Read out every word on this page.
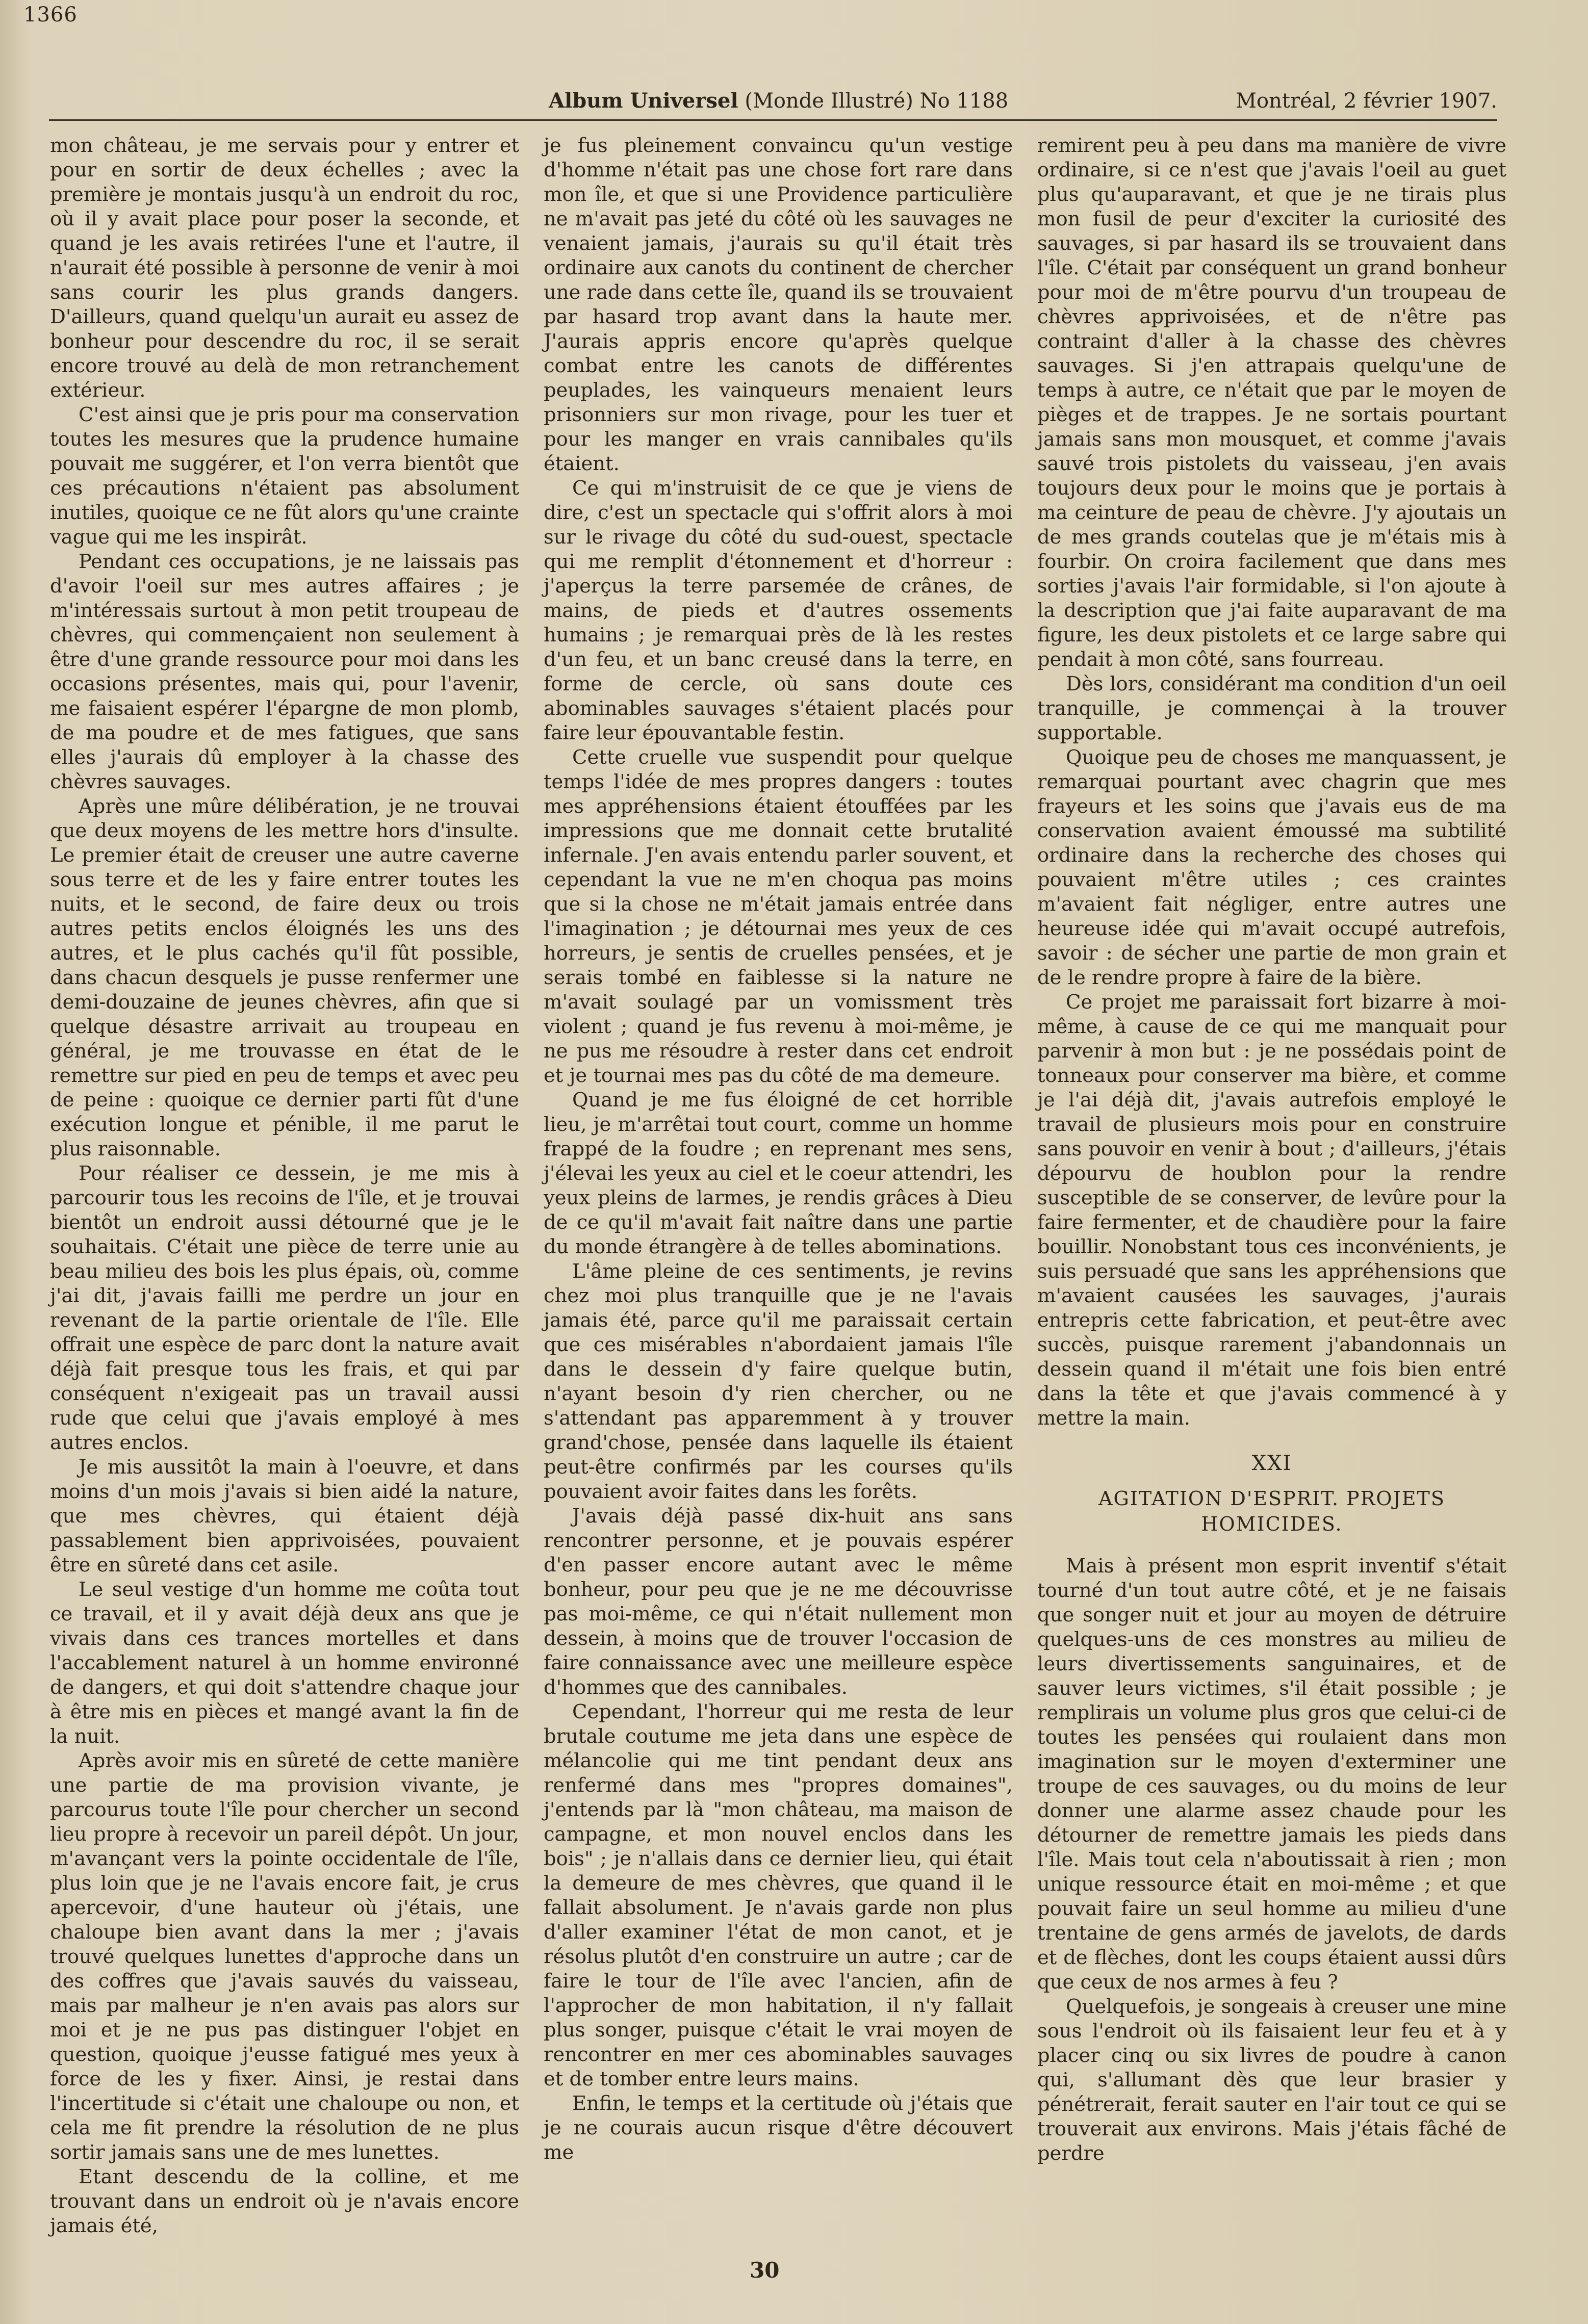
1366
Album Universel (Monde Illustré) No 1188	Montréal, 2 février 1907.

mon château, je me servais pour y entrer et pour en sortir de deux échelles ; avec la première je montais jusqu'à un endroit du roc, où il y avait place pour poser la seconde, et quand je les avais retirées l'une et l'autre, il n'aurait été possible à personne de venir à moi sans courir les plus grands dangers. D'ailleurs, quand quelqu'un aurait eu assez de bonheur pour descendre du roc, il se serait encore trouvé au delà de mon retranchement extérieur.

C'est ainsi que je pris pour ma conservation toutes les mesures que la prudence humaine pouvait me suggérer, et l'on verra bientôt que ces précautions n'étaient pas absolument inutiles, quoique ce ne fût alors qu'une crainte vague qui me les inspirât.

Pendant ces occupations, je ne laissais pas d'avoir l'oeil sur mes autres affaires ; je m'intéressais surtout à mon petit troupeau de chèvres, qui commençaient non seulement à être d'une grande ressource pour moi dans les occasions présentes, mais qui, pour l'avenir, me faisaient espérer l'épargne de mon plomb, de ma poudre et de mes fatigues, que sans elles j'aurais dû employer à la chasse des chèvres sauvages.

Après une mûre délibération, je ne trouvai que deux moyens de les mettre hors d'insulte. Le premier était de creuser une autre caverne sous terre et de les y faire entrer toutes les nuits, et le second, de faire deux ou trois autres petits enclos éloignés les uns des autres, et le plus cachés qu'il fût possible, dans chacun desquels je pusse renfermer une demi-douzaine de jeunes chèvres, afin que si quelque désastre arrivait au troupeau en général, je me trouvasse en état de le remettre sur pied en peu de temps et avec peu de peine : quoique ce dernier parti fût d'une exécution longue et pénible, il me parut le plus raisonnable.

Pour réaliser ce dessein, je me mis à parcourir tous les recoins de l'île, et je trouvai bientôt un endroit aussi détourné que je le souhaitais. C'était une pièce de terre unie au beau milieu des bois les plus épais, où, comme j'ai dit, j'avais failli me perdre un jour en revenant de la partie orientale de l'île. Elle offrait une espèce de parc dont la nature avait déjà fait presque tous les frais, et qui par conséquent n'exigeait pas un travail aussi rude que celui que j'avais employé à mes autres enclos.

Je mis aussitôt la main à l'oeuvre, et dans moins d'un mois j'avais si bien aidé la nature, que mes chèvres, qui étaient déjà passablement bien apprivoisées, pouvaient être en sûreté dans cet asile.

Le seul vestige d'un homme me coûta tout ce travail, et il y avait déjà deux ans que je vivais dans ces trances mortelles et dans l'accablement naturel à un homme environné de dangers, et qui doit s'attendre chaque jour à être mis en pièces et mangé avant la fin de la nuit.

Après avoir mis en sûreté de cette manière une partie de ma provision vivante, je parcourus toute l'île pour chercher un second lieu propre à recevoir un pareil dépôt. Un jour, m'avançant vers la pointe occidentale de l'île, plus loin que je ne l'avais encore fait, je crus apercevoir, d'une hauteur où j'étais, une chaloupe bien avant dans la mer ; j'avais trouvé quelques lunettes d'approche dans un des coffres que j'avais sauvés du vaisseau, mais par malheur je n'en avais pas alors sur moi et je ne pus pas distinguer l'objet en question, quoique j'eusse fatigué mes yeux à force de les y fixer. Ainsi, je restai dans l'incertitude si c'était une chaloupe ou non, et cela me fit prendre la résolution de ne plus sortir jamais sans une de mes lunettes.

Etant descendu de la colline, et me trouvant dans un endroit où je n'avais encore jamais été,

je fus pleinement convaincu qu'un vestige d'homme n'était pas une chose fort rare dans mon île, et que si une Providence particulière ne m'avait pas jeté du côté où les sauvages ne venaient jamais, j'aurais su qu'il était très ordinaire aux canots du continent de chercher une rade dans cette île, quand ils se trouvaient par hasard trop avant dans la haute mer. J'aurais appris encore qu'après quelque combat entre les canots de différentes peuplades, les vainqueurs menaient leurs prisonniers sur mon rivage, pour les tuer et pour les manger en vrais cannibales qu'ils étaient.

Ce qui m'instruisit de ce que je viens de dire, c'est un spectacle qui s'offrit alors à moi sur le rivage du côté du sud-ouest, spectacle qui me remplit d'étonnement et d'horreur : j'aperçus la terre parsemée de crânes, de mains, de pieds et d'autres ossements humains ; je remarquai près de là les restes d'un feu, et un banc creusé dans la terre, en forme de cercle, où sans doute ces abominables sauvages s'étaient placés pour faire leur épouvantable festin.

Cette cruelle vue suspendit pour quelque temps l'idée de mes propres dangers : toutes mes appréhensions étaient étouffées par les impressions que me donnait cette brutalité infernale. J'en avais entendu parler souvent, et cependant la vue ne m'en choqua pas moins que si la chose ne m'était jamais entrée dans l'imagination ; je détournai mes yeux de ces horreurs, je sentis de cruelles pensées, et je serais tombé en faiblesse si la nature ne m'avait soulagé par un vomissment très violent ; quand je fus revenu à moi-même, je ne pus me résoudre à rester dans cet endroit et je tournai mes pas du côté de ma demeure.

Quand je me fus éloigné de cet horrible lieu, je m'arrêtai tout court, comme un homme frappé de la foudre ; en reprenant mes sens, j'élevai les yeux au ciel et le coeur attendri, les yeux pleins de larmes, je rendis grâces à Dieu de ce qu'il m'avait fait naître dans une partie du monde étrangère à de telles abominations.

L'âme pleine de ces sentiments, je revins chez moi plus tranquille que je ne l'avais jamais été, parce qu'il me paraissait certain que ces misérables n'abordaient jamais l'île dans le dessein d'y faire quelque butin, n'ayant besoin d'y rien chercher, ou ne s'attendant pas apparemment à y trouver grand'chose, pensée dans laquelle ils étaient peut-être confirmés par les courses qu'ils pouvaient avoir faites dans les forêts.

J'avais déjà passé dix-huit ans sans rencontrer personne, et je pouvais espérer d'en passer encore autant avec le même bonheur, pour peu que je ne me découvrisse pas moi-même, ce qui n'était nullement mon dessein, à moins que de trouver l'occasion de faire connaissance avec une meilleure espèce d'hommes que des cannibales.

Cependant, l'horreur qui me resta de leur brutale coutume me jeta dans une espèce de mélancolie qui me tint pendant deux ans renfermé dans mes "propres domaines", j'entends par là "mon château, ma maison de campagne, et mon nouvel enclos dans les bois" ; je n'allais dans ce dernier lieu, qui était la demeure de mes chèvres, que quand il le fallait absolument. Je n'avais garde non plus d'aller examiner l'état de mon canot, et je résolus plutôt d'en construire un autre ; car de faire le tour de l'île avec l'ancien, afin de l'approcher de mon habitation, il n'y fallait plus songer, puisque c'était le vrai moyen de rencontrer en mer ces abominables sauvages et de tomber entre leurs mains.

Enfin, le temps et la certitude où j'étais que je ne courais aucun risque d'être découvert me

remirent peu à peu dans ma manière de vivre ordinaire, si ce n'est que j'avais l'oeil au guet plus qu'auparavant, et que je ne tirais plus mon fusil de peur d'exciter la curiosité des sauvages, si par hasard ils se trouvaient dans l'île. C'était par conséquent un grand bonheur pour moi de m'être pourvu d'un troupeau de chèvres apprivoisées, et de n'être pas contraint d'aller à la chasse des chèvres sauvages. Si j'en attrapais quelqu'une de temps à autre, ce n'était que par le moyen de pièges et de trappes. Je ne sortais pourtant jamais sans mon mousquet, et comme j'avais sauvé trois pistolets du vaisseau, j'en avais toujours deux pour le moins que je portais à ma ceinture de peau de chèvre. J'y ajoutais un de mes grands coutelas que je m'étais mis à fourbir. On croira facilement que dans mes sorties j'avais l'air formidable, si l'on ajoute à la description que j'ai faite auparavant de ma figure, les deux pistolets et ce large sabre qui pendait à mon côté, sans fourreau.

Dès lors, considérant ma condition d'un oeil tranquille, je commençai à la trouver supportable.

Quoique peu de choses me manquassent, je remarquai pourtant avec chagrin que mes frayeurs et les soins que j'avais eus de ma conservation avaient émoussé ma subtilité ordinaire dans la recherche des choses qui pouvaient m'être utiles ; ces craintes m'avaient fait négliger, entre autres une heureuse idée qui m'avait occupé autrefois, savoir : de sécher une partie de mon grain et de le rendre propre à faire de la bière.

Ce projet me paraissait fort bizarre à moi-même, à cause de ce qui me manquait pour parvenir à mon but : je ne possédais point de tonneaux pour conserver ma bière, et comme je l'ai déjà dit, j'avais autrefois employé le travail de plusieurs mois pour en construire sans pouvoir en venir à bout ; d'ailleurs, j'étais dépourvu de houblon pour la rendre susceptible de se conserver, de levûre pour la faire fermenter, et de chaudière pour la faire bouillir. Nonobstant tous ces inconvénients, je suis persuadé que sans les appréhensions que m'avaient causées les sauvages, j'aurais entrepris cette fabrication, et peut-être avec succès, puisque rarement j'abandonnais un dessein quand il m'était une fois bien entré dans la tête et que j'avais commencé à y mettre la main.

XXI

AGITATION D'ESPRIT. PROJETS HOMICIDES.

Mais à présent mon esprit inventif s'était tourné d'un tout autre côté, et je ne faisais que songer nuit et jour au moyen de détruire quelques-uns de ces monstres au milieu de leurs divertissements sanguinaires, et de sauver leurs victimes, s'il était possible ; je remplirais un volume plus gros que celui-ci de toutes les pensées qui roulaient dans mon imagination sur le moyen d'exterminer une troupe de ces sauvages, ou du moins de leur donner une alarme assez chaude pour les détourner de remettre jamais les pieds dans l'île. Mais tout cela n'aboutissait à rien ; mon unique ressource était en moi-même ; et que pouvait faire un seul homme au milieu d'une trentaine de gens armés de javelots, de dards et de flèches, dont les coups étaient aussi dûrs que ceux de nos armes à feu ?

Quelquefois, je songeais à creuser une mine sous l'endroit où ils faisaient leur feu et à y placer cinq ou six livres de poudre à canon qui, s'allumant dès que leur brasier y pénétrerait, ferait sauter en l'air tout ce qui se trouverait aux environs. Mais j'étais fâché de perdre

30
